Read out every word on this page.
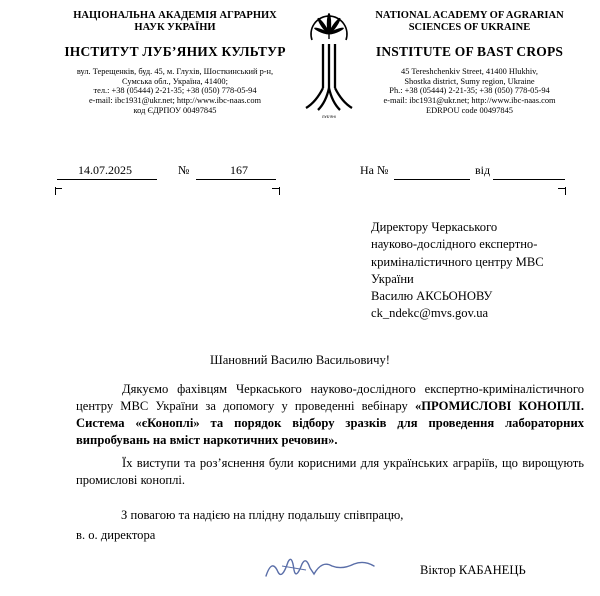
НАЦІОНАЛЬНА АКАДЕМІЯ АГРАРНИХ
НАУК УКРАЇНИ
ІНСТИТУТ ЛУБ’ЯНИХ КУЛЬТУР
вул. Терещенків, буд. 45, м. Глухів, Шосткинський р-н,
Сумська обл., Україна, 41400;
тел.: +38 (05444) 2-21-35; +38 (050) 778-05-94
e-mail: ibc1931@ukr.net; http://www.ibc-naas.com
код ЄДРПОУ 00497845
ЛУБ'ЯНІ
NATIONAL ACADEMY OF AGRARIAN
SCIENCES OF UKRAINE
INSTITUTE OF BAST CROPS
45 Tereshchenkiv Street, 41400 Hlukhiv,
Shostka district, Sumy region, Ukraine
Ph.: +38 (05444) 2-21-35; +38 (050) 778-05-94
e-mail: ibc1931@ukr.net; http://www.ibc-naas.com
EDRPOU code 00497845
14.07.2025	№	167	На №	від
Директору Черкаського
науково-дослідного експертно-
криміналістичного центру МВС
України
Василю АКСЬОНОВУ
ck_ndekc@mvs.gov.ua
Шановний Василю Васильовичу!
Дякуємо фахівцям Черкаського науково-дослідного експертно-криміналістичного центру МВС України за допомогу у проведенні вебінару «ПРОМИСЛОВІ КОНОПЛІ. Система «єКоноплі» та порядок відбору зразків для проведення лабораторних випробувань на вміст наркотичних речовин».
Їх виступи та роз’яснення були корисними для українських аграріїв, що вирощують промислові коноплі.
З повагою та надією на плідну подальшу співпрацю,
в. о. директора
Віктор КАБАНЕЦЬ
